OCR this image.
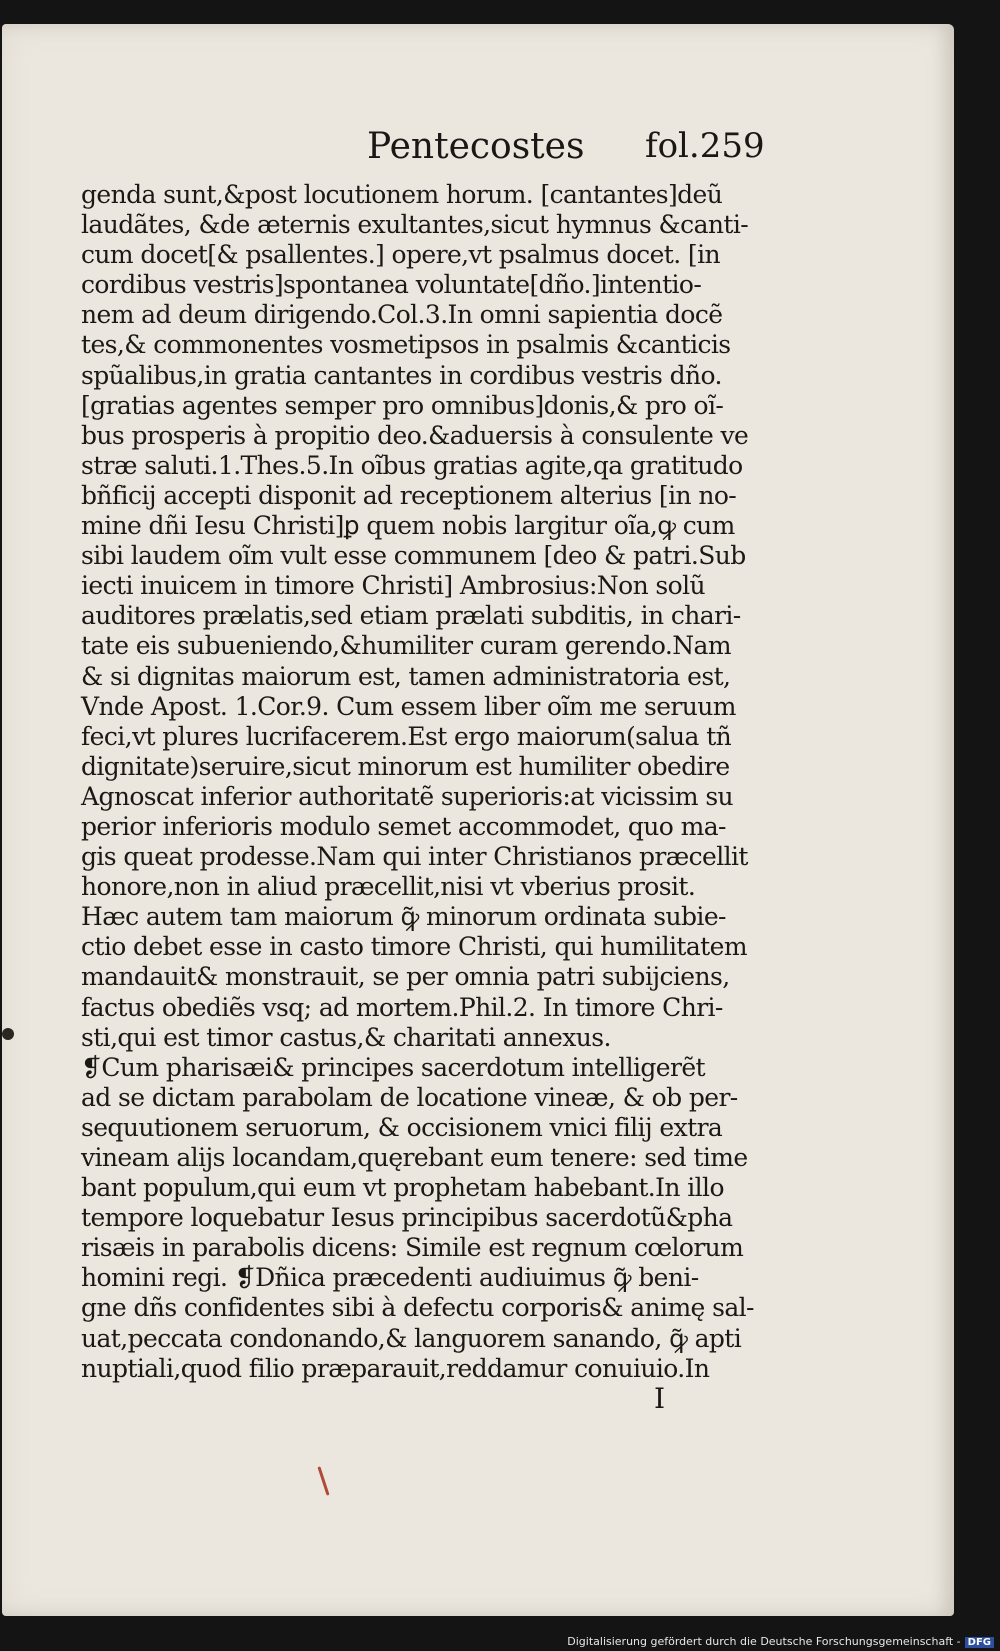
Pentecostes fol.259
genda sunt,&post locutionem horum. [cantantes]deũ
laudãtes, &de æternis exultantes,sicut hymnus &canti-
cum docet[& psallentes.] opere,vt psalmus docet. [in
cordibus vestris]spontanea voluntate[dño.]intentio-
nem ad deum dirigendo.Col.3.In omni sapientia docẽ
tes,& commonentes vosmetipsos in psalmis &canticis
spũalibus,in gratia cantantes in cordibus vestris dño.
[gratias agentes semper pro omnibus]donis,& pro oĩ-
bus prosperis à propitio deo.&aduersis à consulente ve
stræ saluti.1.Thes.5.In oĩbus gratias agite,qa gratitudo
bñficij accepti disponit ad receptionem alterius [in no-
mine dñi Iesu Christi]ꝑ quem nobis largitur oĩa,ꝙ cum
sibi laudem oĩm vult esse communem [deo & patri.Sub
iecti inuicem in timore Christi] Ambrosius:Non solũ
auditores prælatis,sed etiam prælati subditis, in chari-
tate eis subueniendo,&humiliter curam gerendo.Nam
& si dignitas maiorum est, tamen administratoria est,
Vnde Apost. 1.Cor.9. Cum essem liber oĩm me seruum
feci,vt plures lucrifacerem.Est ergo maiorum(salua tñ
dignitate)seruire,sicut minorum est humiliter obedire
Agnoscat inferior authoritatẽ superioris:at vicissim su
perior inferioris modulo semet accommodet, quo ma-
gis queat prodesse.Nam qui inter Christianos præcellit
honore,non in aliud præcellit,nisi vt vberius prosit.
Hæc autem tam maiorum ꝙ̃ minorum ordinata subie-
ctio debet esse in casto timore Christi, qui humilitatem
mandauit& monstrauit, se per omnia patri subijciens,
factus obediẽs vsq; ad mortem.Phil.2. In timore Chri-
sti,qui est timor castus,& charitati annexus.
❡Cum pharisæi& principes sacerdotum intelligerẽt
ad se dictam parabolam de locatione vineæ, & ob per-
sequutionem seruorum, & occisionem vnici filij extra
vineam alijs locandam,quęrebant eum tenere: sed time
bant populum,qui eum vt prophetam habebant.In illo
tempore loquebatur Iesus principibus sacerdotũ&pha
risæis in parabolis dicens: Simile est regnum cœlorum
homini regi. ❡Dñica præcedenti audiuimus ꝙ̃ beni-
gne dñs confidentes sibi à defectu corporis& animę sal-
uat,peccata condonando,& languorem sanando, ꝙ̃ apti
nuptiali,quod filio præparauit,reddamur conuiuio.In
I
Digitalisierung gefördert durch die Deutsche Forschungsgemeinschaft - DFG
